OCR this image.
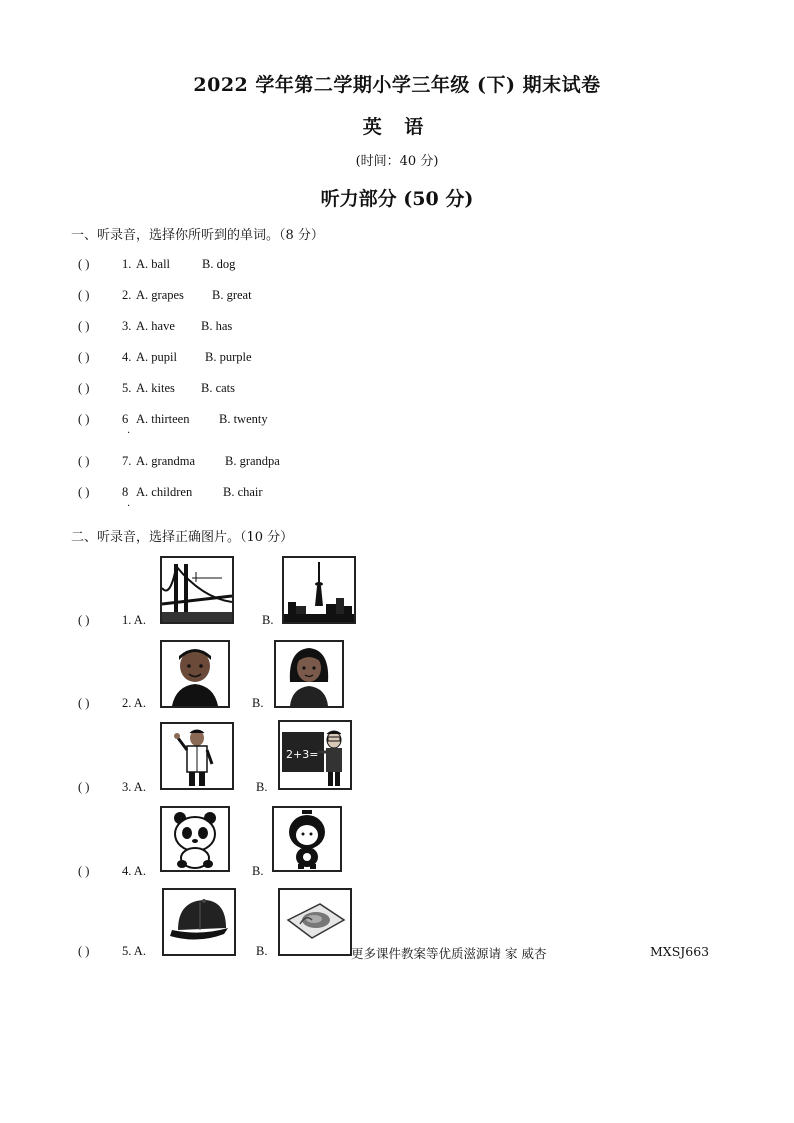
2022 学年第二学期小学三年级 (下) 期末试卷
英 语
(时间：40 分)
听力部分 (50 分)
一、听录音，选择你所听到的单词。（8 分）
( )	1. A. ball	B. dog
( )	2. A. grapes B. great
( )	3. A. have B. has
( )	4. A. pupil B. purple
( )	5. A. kites B. cats
( )	6 A. thirteen B. twenty
·
( )	7. A. grandma B. grandpa
( )	8 A. children B. chair
·
二、听录音，选择正确图片。（10 分）
( )	1. A.	B.
( )	2. A.	B.
( )	3. A.	B.
2+3=
( )	4. A.	B.
( )	5. A.	B.	更多课件教案等优质滋源请 家 威杏	MXSJ663
